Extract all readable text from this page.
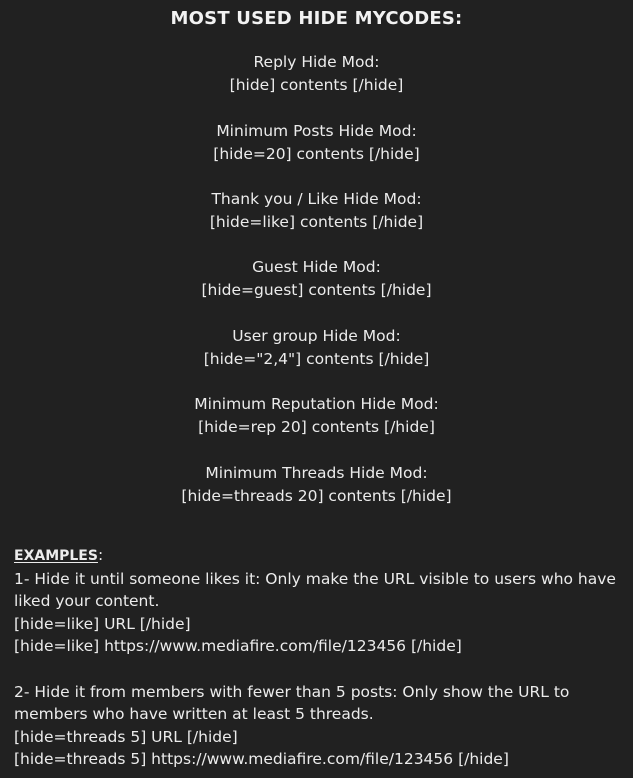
MOST USED HIDE MYCODES:
Reply Hide Mod:
[hide] contents [/hide]
Minimum Posts Hide Mod:
[hide=20] contents [/hide]
Thank you / Like Hide Mod:
[hide=like] contents [/hide]
Guest Hide Mod:
[hide=guest] contents [/hide]
User group Hide Mod:
[hide="2,4"] contents [/hide]
Minimum Reputation Hide Mod:
[hide=rep 20] contents [/hide]
Minimum Threads Hide Mod:
[hide=threads 20] contents [/hide]

EXAMPLES:

1- Hide it until someone likes it: Only make the URL visible to users who have liked your content.

[hide=like] URL [/hide]

[hide=like] https://www.mediafire.com/file/123456 [/hide]

2- Hide it from members with fewer than 5 posts: Only show the URL to members who have written at least 5 threads.

[hide=threads 5] URL [/hide]

[hide=threads 5] https://www.mediafire.com/file/123456 [/hide]
